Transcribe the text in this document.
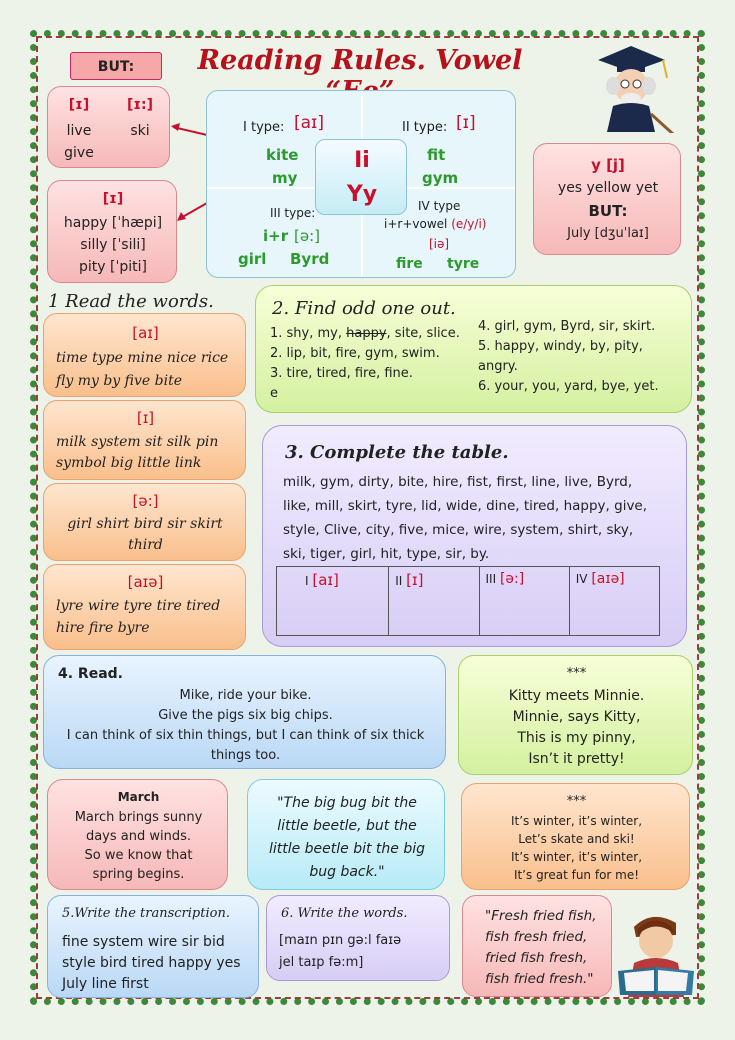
BUT:	Reading Rules. Vowel
[ɪ]	[ɪ:]
live	ski
give
[ɪ]
happy [ˈhæpi]
silly [ˈsili]
pity [ˈpiti]
I type: [aɪ]
kite
my
II type: [ɪ]
fit
gym
III type:
i+r [ə:]
girl Byrd
IV type
i+r+vowel (e/y/i)
[iə]
fire tyre
Ii
Yy
y [j]
yes yellow yet
BUT:
July [dʒuˈlaɪ]
1 Read the words.
[aɪ]
time type mine nice rice
fly my by five bite
[ɪ]
milk system sit silk pin
symbol big little link
[ə:]
girl shirt bird sir skirt
third
[aɪə]
lyre wire tyre tire tired
hire fire byre
2. Find odd one out.
1. shy, my, happy, site, slice.
2. lip, bit, fire, gym, swim.
3. tire, tired, fire, fine.
e
4. girl, gym, Byrd, sir, skirt.
5. happy, windy, by, pity,
angry.
6. your, you, yard, bye, yet.
3. Complete the table.
milk, gym, dirty, bite, hire, fist, first, line, live, Byrd,
like, mill, skirt, tyre, lid, wide, dine, tired, happy, give,
style, Clive, city, five, mice, wire, system, shirt, sky,
ski, tiger, girl, hit, type, sir, by.
I [aɪ]	II [ɪ]	III [ə:]	IV [aɪə]
4. Read.
Mike, ride your bike.
Give the pigs six big chips.
I can think of six thin things, but I can think of six thick
things too.
***
Kitty meets Minnie.
Minnie, says Kitty,
This is my pinny,
Isn’t it pretty!
March
March brings sunny
days and winds.
So we know that
spring begins.
"The big bug bit the
little beetle, but the
little beetle bit the big
bug back."
***
It’s winter, it’s winter,
Let’s skate and ski!
It’s winter, it’s winter,
It’s great fun for me!
5.Write the transcription.
fine system wire sir bid
style bird tired happy yes
July line first
6. Write the words.
[maɪn pɪn gə:l faɪə
jel taɪp fə:m]
"Fresh fried fish,
fish fresh fried,
fried fish fresh,
fish fried fresh."
